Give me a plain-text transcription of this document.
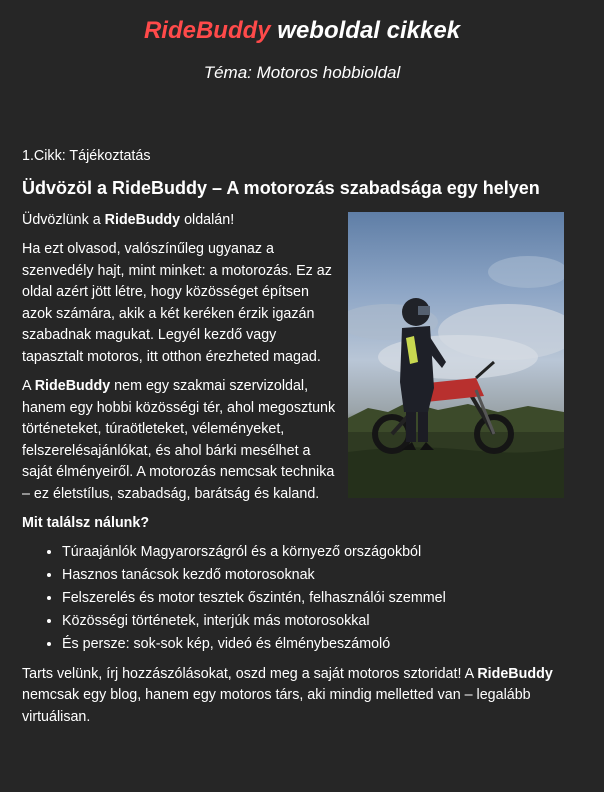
RideBuddy weboldal cikkek
Téma: Motoros hobbioldal
1.Cikk: Tájékoztatás
Üdvözöl a RideBuddy – A motorozás szabadsága egy helyen

Üdvözlünk a RideBuddy oldalán!

Ha ezt olvasod, valószínűleg ugyanaz a szenvedély hajt, mint minket: a motorozás. Ez az oldal azért jött létre, hogy közösséget építsen azok számára, akik a két keréken érzik igazán szabadnak magukat. Legyél kezdő vagy tapasztalt motoros, itt otthon érezheted magad.

A RideBuddy nem egy szakmai szervizoldal, hanem egy hobbi közösségi tér, ahol megosztunk történeteket, túraötleteket, véleményeket, felszerelésajánlókat, és ahol bárki mesélhet a saját élményeiről. A motorozás nemcsak technika – ez életstílus, szabadság, barátság és kaland.

Mit találsz nálunk?

• Túraajánlók Magyarországról és a környező országokból
• Hasznos tanácsok kezdő motorosoknak
• Felszerelés és motor tesztek őszintén, felhasználói szemmel
• Közösségi történetek, interjúk más motorosokkal
• És persze: sok-sok kép, videó és élménybeszámoló

Tarts velünk, írj hozzászólásokat, oszd meg a saját motoros sztoridat! A RideBuddy nemcsak egy blog, hanem egy motoros társ, aki mindig melletted van – legalább virtuálisan.
